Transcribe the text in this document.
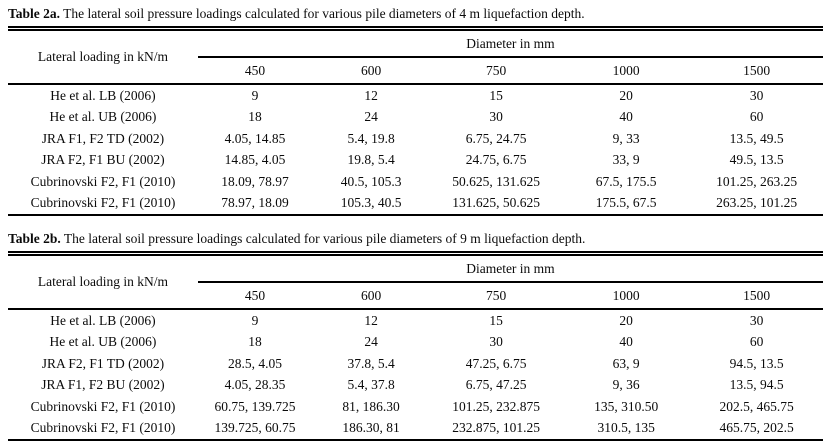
Table 2a. The lateral soil pressure loadings calculated for various pile diameters of 4 m liquefaction depth.

Lateral loading in kN/m	Diameter in mm				
	450	600	750	1000	1500
He et al. LB (2006)	9	12	15	20	30
He et al. UB (2006)	18	24	30	40	60
JRA F1, F2 TD (2002)	4.05, 14.85	5.4, 19.8	6.75, 24.75	9, 33	13.5, 49.5
JRA F2, F1 BU (2002)	14.85, 4.05	19.8, 5.4	24.75, 6.75	33, 9	49.5, 13.5
Cubrinovski F2, F1 (2010)	18.09, 78.97	40.5, 105.3	50.625, 131.625	67.5, 175.5	101.25, 263.25
Cubrinovski F2, F1 (2010)	78.97, 18.09	105.3, 40.5	131.625, 50.625	175.5, 67.5	263.25, 101.25

Table 2b. The lateral soil pressure loadings calculated for various pile diameters of 9 m liquefaction depth.

Lateral loading in kN/m	Diameter in mm				
	450	600	750	1000	1500
He et al. LB (2006)	9	12	15	20	30
He et al. UB (2006)	18	24	30	40	60
JRA F2, F1 TD (2002)	28.5, 4.05	37.8, 5.4	47.25, 6.75	63, 9	94.5, 13.5
JRA F1, F2 BU (2002)	4.05, 28.35	5.4, 37.8	6.75, 47.25	9, 36	13.5, 94.5
Cubrinovski F2, F1 (2010)	60.75, 139.725	81, 186.30	101.25, 232.875	135, 310.50	202.5, 465.75
Cubrinovski F2, F1 (2010)	139.725, 60.75	186.30, 81	232.875, 101.25	310.5, 135	465.75, 202.5
